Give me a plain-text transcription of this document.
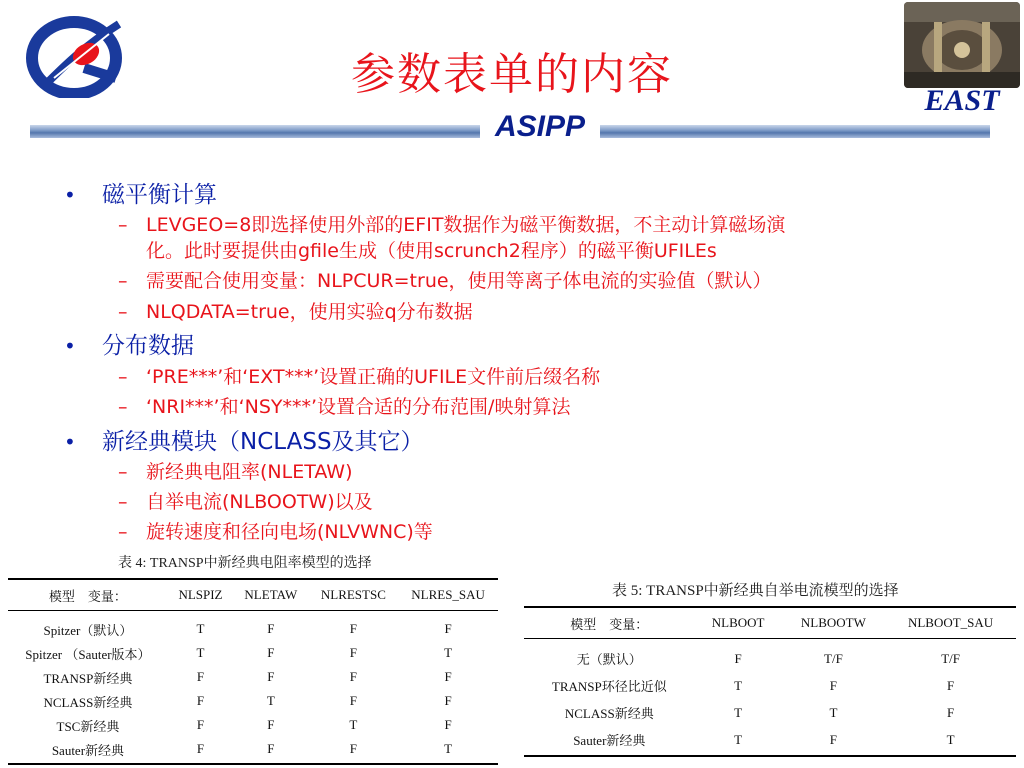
参数表单的内容
EAST
ASIPP
• 磁平衡计算
– LEVGEO=8即选择使用外部的EFIT数据作为磁平衡数据，不主动计算磁场演
化。此时要提供由gfile生成（使用scrunch2程序）的磁平衡UFILEs
– 需要配合使用变量：NLPCUR=true，使用等离子体电流的实验值（默认）
– NLQDATA=true，使用实验q分布数据
• 分布数据
– ‘PRE***’和‘EXT***’设置正确的UFILE文件前后缀名称
– ‘NRI***’和‘NSY***’设置合适的分布范围/映射算法
• 新经典模块（NCLASS及其它）
– 新经典电阻率(NLETAW)
– 自举电流(NLBOOTW)以及
– 旋转速度和径向电场(NLVWNC)等
表 4: TRANSP中新经典电阻率模型的选择
模型　变量：	NLSPIZ	NLETAW	NLRESTSC	NLRES_SAU
Spitzer（默认）	T	F	F	F
Spitzer （Sauter版本）	T	F	F	T
TRANSP新经典	F	F	F	F
NCLASS新经典	F	T	F	F
TSC新经典	F	F	T	F
Sauter新经典	F	F	F	T
表 5: TRANSP中新经典自举电流模型的选择
模型　变量：	NLBOOT	NLBOOTW	NLBOOT_SAU
无（默认）	F	T/F	T/F
TRANSP环径比近似	T	F	F
NCLASS新经典	T	T	F
Sauter新经典	T	F	T
